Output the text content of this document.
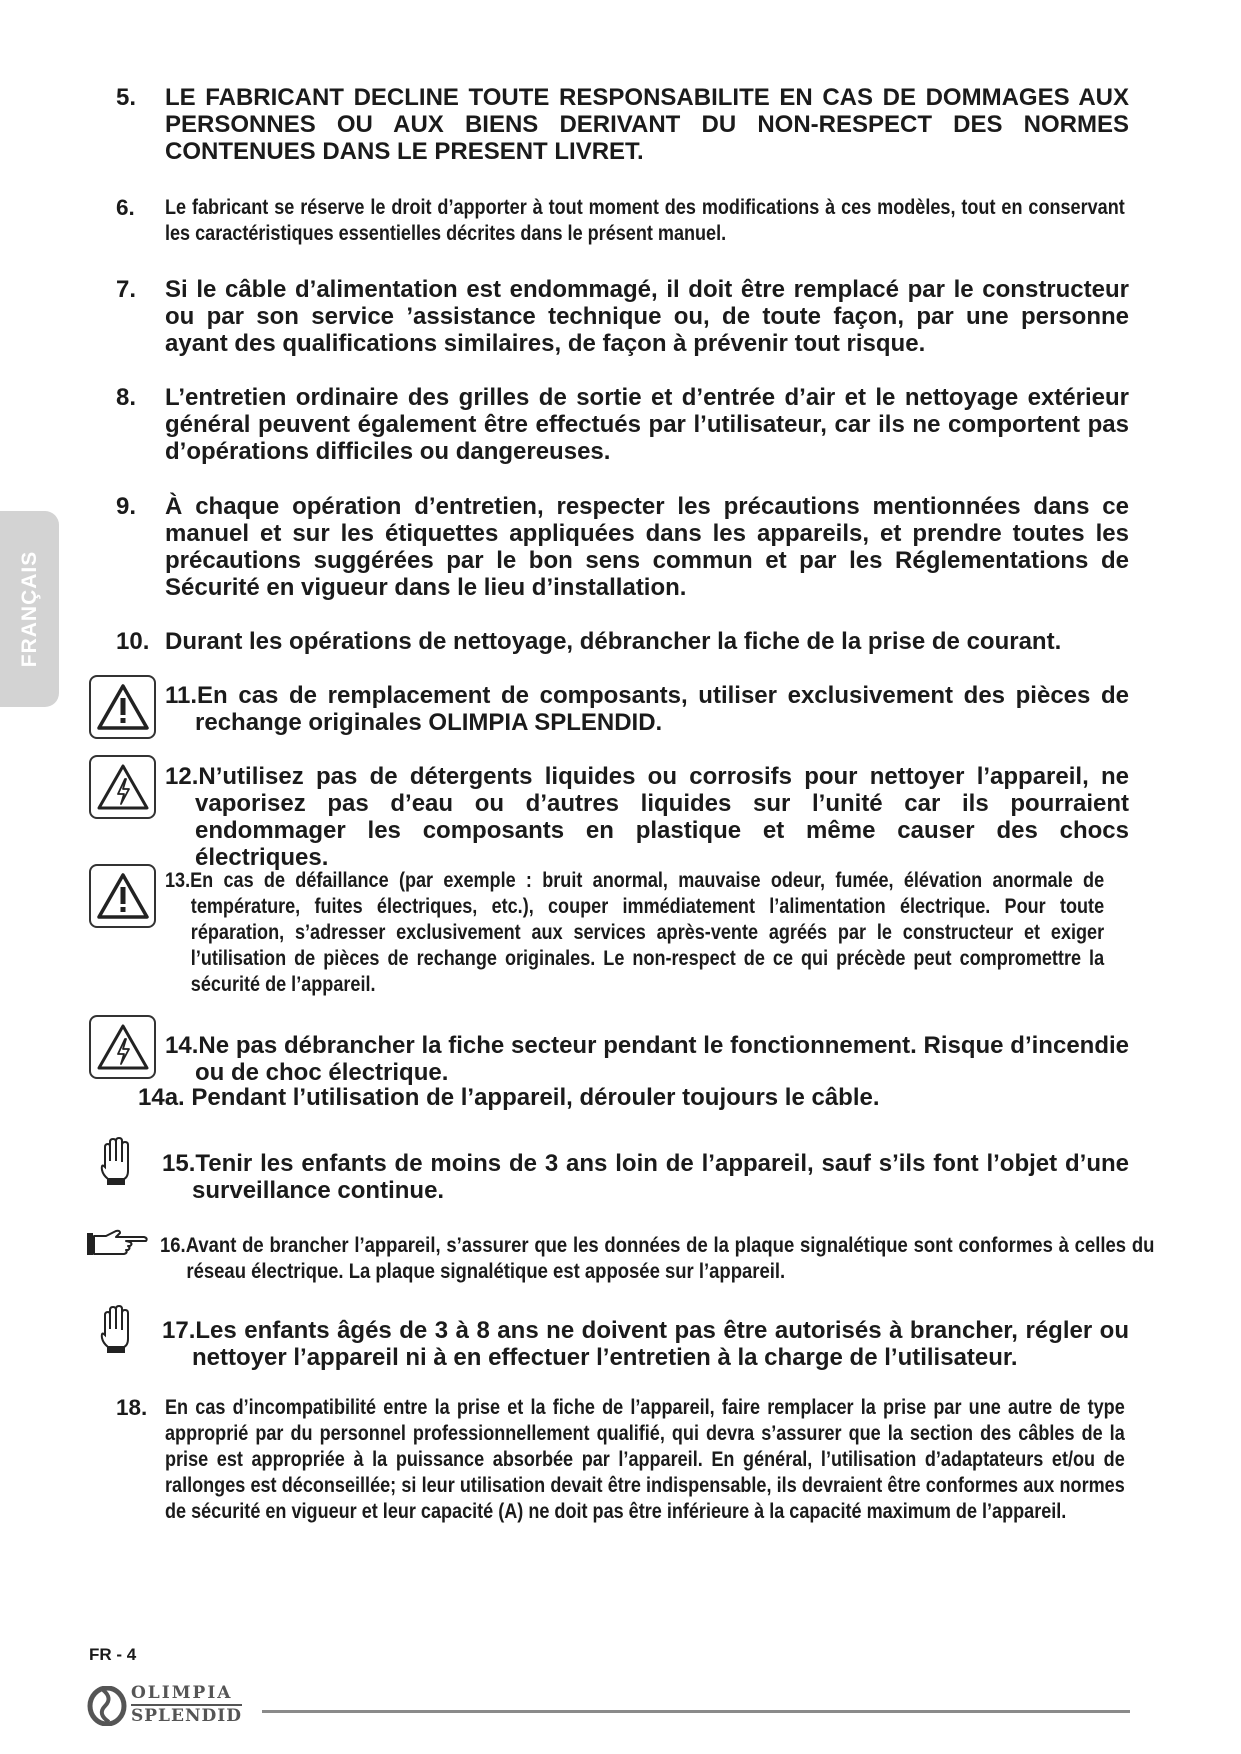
FRANÇAIS
5. LE FABRICANT DECLINE TOUTE RESPONSABILITE EN CAS DE DOMMAGES AUX PERSONNES OU AUX BIENS DERIVANT DU NON-RESPECT DES NORMES CONTENUES DANS LE PRESENT LIVRET.
6. Le fabricant se réserve le droit d’apporter à tout moment des modifications à ces modèles, tout en conservant les caractéristiques essentielles décrites dans le présent manuel.
7. Si le câble d’alimentation est endommagé, il doit être remplacé par le constructeur ou par son service ’assistance technique ou, de toute façon, par une personne ayant des qualifications similaires, de façon à prévenir tout risque.
8. L’entretien ordinaire des grilles de sortie et d’entrée d’air et le nettoyage extérieur général peuvent également être effectués par l’utilisateur, car ils ne comportent pas d’opérations difficiles ou dangereuses.
9. À chaque opération d’entretien, respecter les précautions mentionnées dans ce manuel et sur les étiquettes appliquées dans les appareils, et prendre toutes les précautions suggérées par le bon sens commun et par les Réglementations de Sécurité en vigueur dans le lieu d’installation.
10. Durant les opérations de nettoyage, débrancher la fiche de la prise de courant.
11.En cas de remplacement de composants, utiliser exclusivement des pièces de rechange originales OLIMPIA SPLENDID.
12.N’utilisez pas de détergents liquides ou corrosifs pour nettoyer l’appareil, ne vaporisez pas d’eau ou d’autres liquides sur l’unité car ils pourraient endommager les composants en plastique et même causer des chocs électriques.
13.En cas de défaillance (par exemple : bruit anormal, mauvaise odeur, fumée, élévation anormale de température, fuites électriques, etc.), couper immédiatement l’alimentation électrique. Pour toute réparation, s’adresser exclusivement aux services après-vente agréés par le constructeur et exiger l’utilisation de pièces de rechange originales. Le non-respect de ce qui précède peut compromettre la sécurité de l’appareil.
14.Ne pas débrancher la fiche secteur pendant le fonctionnement. Risque d’incendie ou de choc électrique.
14a. Pendant l’utilisation de l’appareil, dérouler toujours le câble.
15.Tenir les enfants de moins de 3 ans loin de l’appareil, sauf s’ils font l’objet d’une surveillance continue.
16.Avant de brancher l’appareil, s’assurer que les données de la plaque signalétique sont conformes à celles du réseau électrique. La plaque signalétique est apposée sur l’appareil.
17.Les enfants âgés de 3 à 8 ans ne doivent pas être autorisés à brancher, régler ou nettoyer l’appareil ni à en effectuer l’entretien à la charge de l’utilisateur.
18. En cas d’incompatibilité entre la prise et la fiche de l’appareil, faire remplacer la prise par une autre de type approprié par du personnel professionnellement qualifié, qui devra s’assurer que la section des câbles de la prise est appropriée à la puissance absorbée par l’appareil. En général, l’utilisation d’adaptateurs et/ou de rallonges est déconseillée; si leur utilisation devait être indispensable, ils devraient être conformes aux normes de sécurité en vigueur et leur capacité (A) ne doit pas être inférieure à la capacité maximum de l’appareil.
FR - 4
OLIMPIA
SPLENDID
